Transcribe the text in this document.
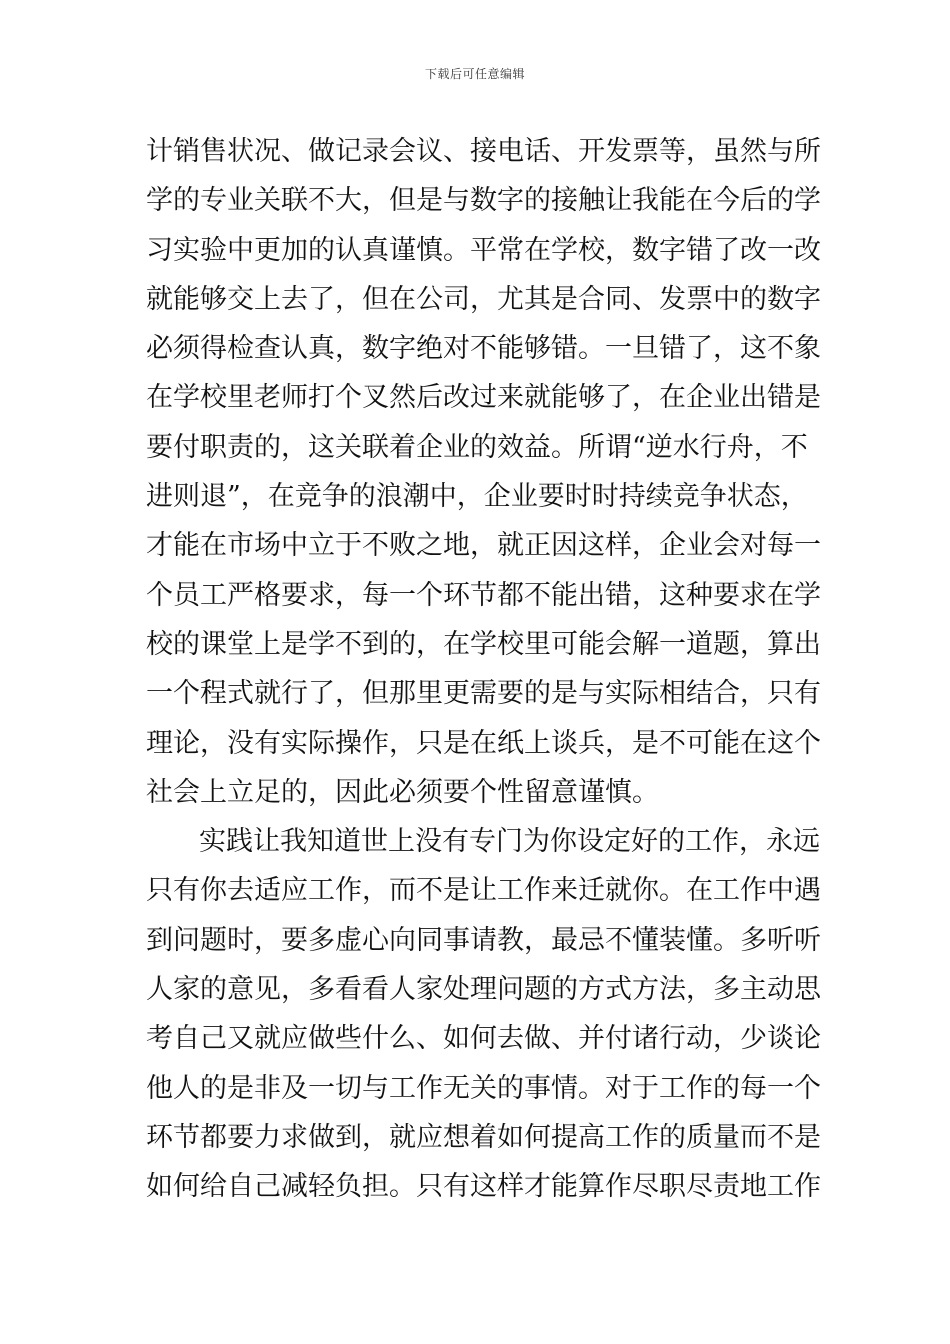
下载后可任意编辑
计销售状况、做记录会议、接电话、开发票等，虽然与所
学的专业关联不大，但是与数字的接触让我能在今后的学
习实验中更加的认真谨慎。平常在学校，数字错了改一改
就能够交上去了，但在公司，尤其是合同、发票中的数字
必须得检查认真，数字绝对不能够错。一旦错了，这不象
在学校里老师打个叉然后改过来就能够了，在企业出错是
要付职责的，这关联着企业的效益。所谓“逆水行舟，不
进则退”，在竞争的浪潮中，企业要时时持续竞争状态，
才能在市场中立于不败之地，就正因这样，企业会对每一
个员工严格要求，每一个环节都不能出错，这种要求在学
校的课堂上是学不到的，在学校里可能会解一道题，算出
一个程式就行了，但那里更需要的是与实际相结合，只有
理论，没有实际操作，只是在纸上谈兵，是不可能在这个
社会上立足的，因此必须要个性留意谨慎。
实践让我知道世上没有专门为你设定好的工作，永远
只有你去适应工作，而不是让工作来迁就你。在工作中遇
到问题时，要多虚心向同事请教，最忌不懂装懂。多听听
人家的意见，多看看人家处理问题的方式方法，多主动思
考自己又就应做些什么、如何去做、并付诸行动，少谈论
他人的是非及一切与工作无关的事情。对于工作的每一个
环节都要力求做到，就应想着如何提高工作的质量而不是
如何给自己减轻负担。只有这样才能算作尽职尽责地工作
